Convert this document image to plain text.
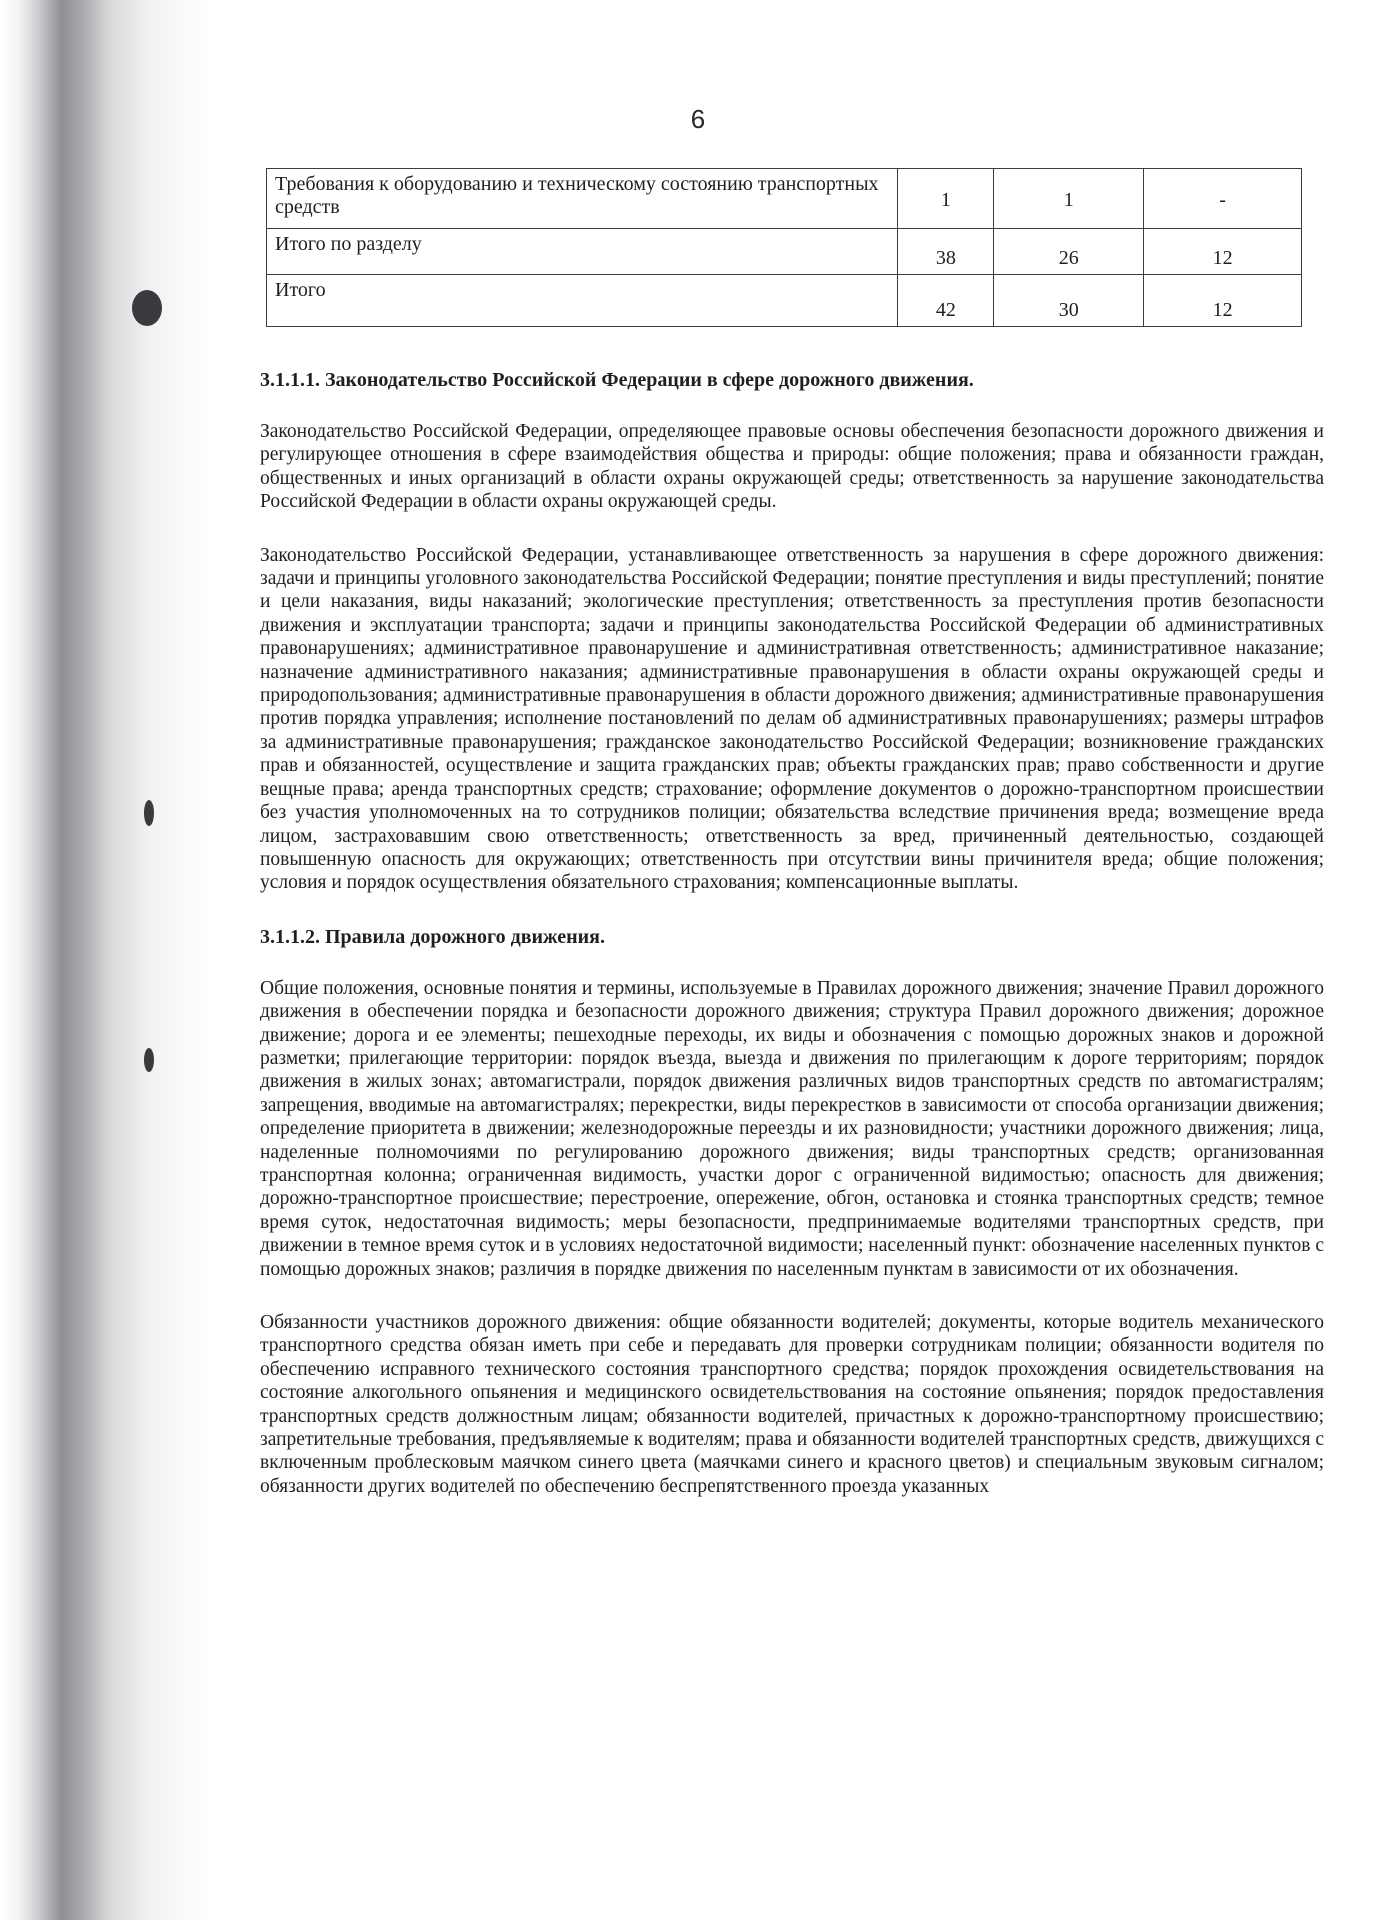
6
Требования к оборудованию и техническому состоянию транспортных средств	1	1	-
Итого по разделу	38	26	12
Итого	42	30	12
3.1.1.1. Законодательство Российской Федерации в сфере дорожного движения.

Законодательство Российской Федерации, определяющее правовые основы обеспечения безопасности дорожного движения и регулирующее отношения в сфере взаимодействия общества и природы: общие положения; права и обязанности граждан, общественных и иных организаций в области охраны окружающей среды; ответственность за нарушение законодательства Российской Федерации в области охраны окружающей среды.

Законодательство Российской Федерации, устанавливающее ответственность за нарушения в сфере дорожного движения: задачи и принципы уголовного законодательства Российской Федерации; понятие преступления и виды преступлений; понятие и цели наказания, виды наказаний; экологические преступления; ответственность за преступления против безопасности движения и эксплуатации транспорта; задачи и принципы законодательства Российской Федерации об административных правонарушениях; административное правонарушение и административная ответственность; административное наказание; назначение административного наказания; административные правонарушения в области охраны окружающей среды и природопользования; административные правонарушения в области дорожного движения; административные правонарушения против порядка управления; исполнение постановлений по делам об административных правонарушениях; размеры штрафов за административные правонарушения; гражданское законодательство Российской Федерации; возникновение гражданских прав и обязанностей, осуществление и защита гражданских прав; объекты гражданских прав; право собственности и другие вещные права; аренда транспортных средств; страхование; оформление документов о дорожно-транспортном происшествии без участия уполномоченных на то сотрудников полиции; обязательства вследствие причинения вреда; возмещение вреда лицом, застраховавшим свою ответственность; ответственность за вред, причиненный деятельностью, создающей повышенную опасность для окружающих; ответственность при отсутствии вины причинителя вреда; общие положения; условия и порядок осуществления обязательного страхования; компенсационные выплаты.

3.1.1.2. Правила дорожного движения.

Общие положения, основные понятия и термины, используемые в Правилах дорожного движения; значение Правил дорожного движения в обеспечении порядка и безопасности дорожного движения; структура Правил дорожного движения; дорожное движение; дорога и ее элементы; пешеходные переходы, их виды и обозначения с помощью дорожных знаков и дорожной разметки; прилегающие территории: порядок въезда, выезда и движения по прилегающим к дороге территориям; порядок движения в жилых зонах; автомагистрали, порядок движения различных видов транспортных средств по автомагистралям; запрещения, вводимые на автомагистралях; перекрестки, виды перекрестков в зависимости от способа организации движения; определение приоритета в движении; железнодорожные переезды и их разновидности; участники дорожного движения; лица, наделенные полномочиями по регулированию дорожного движения; виды транспортных средств; организованная транспортная колонна; ограниченная видимость, участки дорог с ограниченной видимостью; опасность для движения; дорожно-транспортное происшествие; перестроение, опережение, обгон, остановка и стоянка транспортных средств; темное время суток, недостаточная видимость; меры безопасности, предпринимаемые водителями транспортных средств, при движении в темное время суток и в условиях недостаточной видимости; населенный пункт: обозначение населенных пунктов с помощью дорожных знаков; различия в порядке движения по населенным пунктам в зависимости от их обозначения.

Обязанности участников дорожного движения: общие обязанности водителей; документы, которые водитель механического транспортного средства обязан иметь при себе и передавать для проверки сотрудникам полиции; обязанности водителя по обеспечению исправного технического состояния транспортного средства; порядок прохождения освидетельствования на состояние алкогольного опьянения и медицинского освидетельствования на состояние опьянения; порядок предоставления транспортных средств должностным лицам; обязанности водителей, причастных к дорожно-транспортному происшествию; запретительные требования, предъявляемые к водителям; права и обязанности водителей транспортных средств, движущихся с включенным проблесковым маячком синего цвета (маячками синего и красного цветов) и специальным звуковым сигналом; обязанности других водителей по обеспечению беспрепятственного проезда указанных
